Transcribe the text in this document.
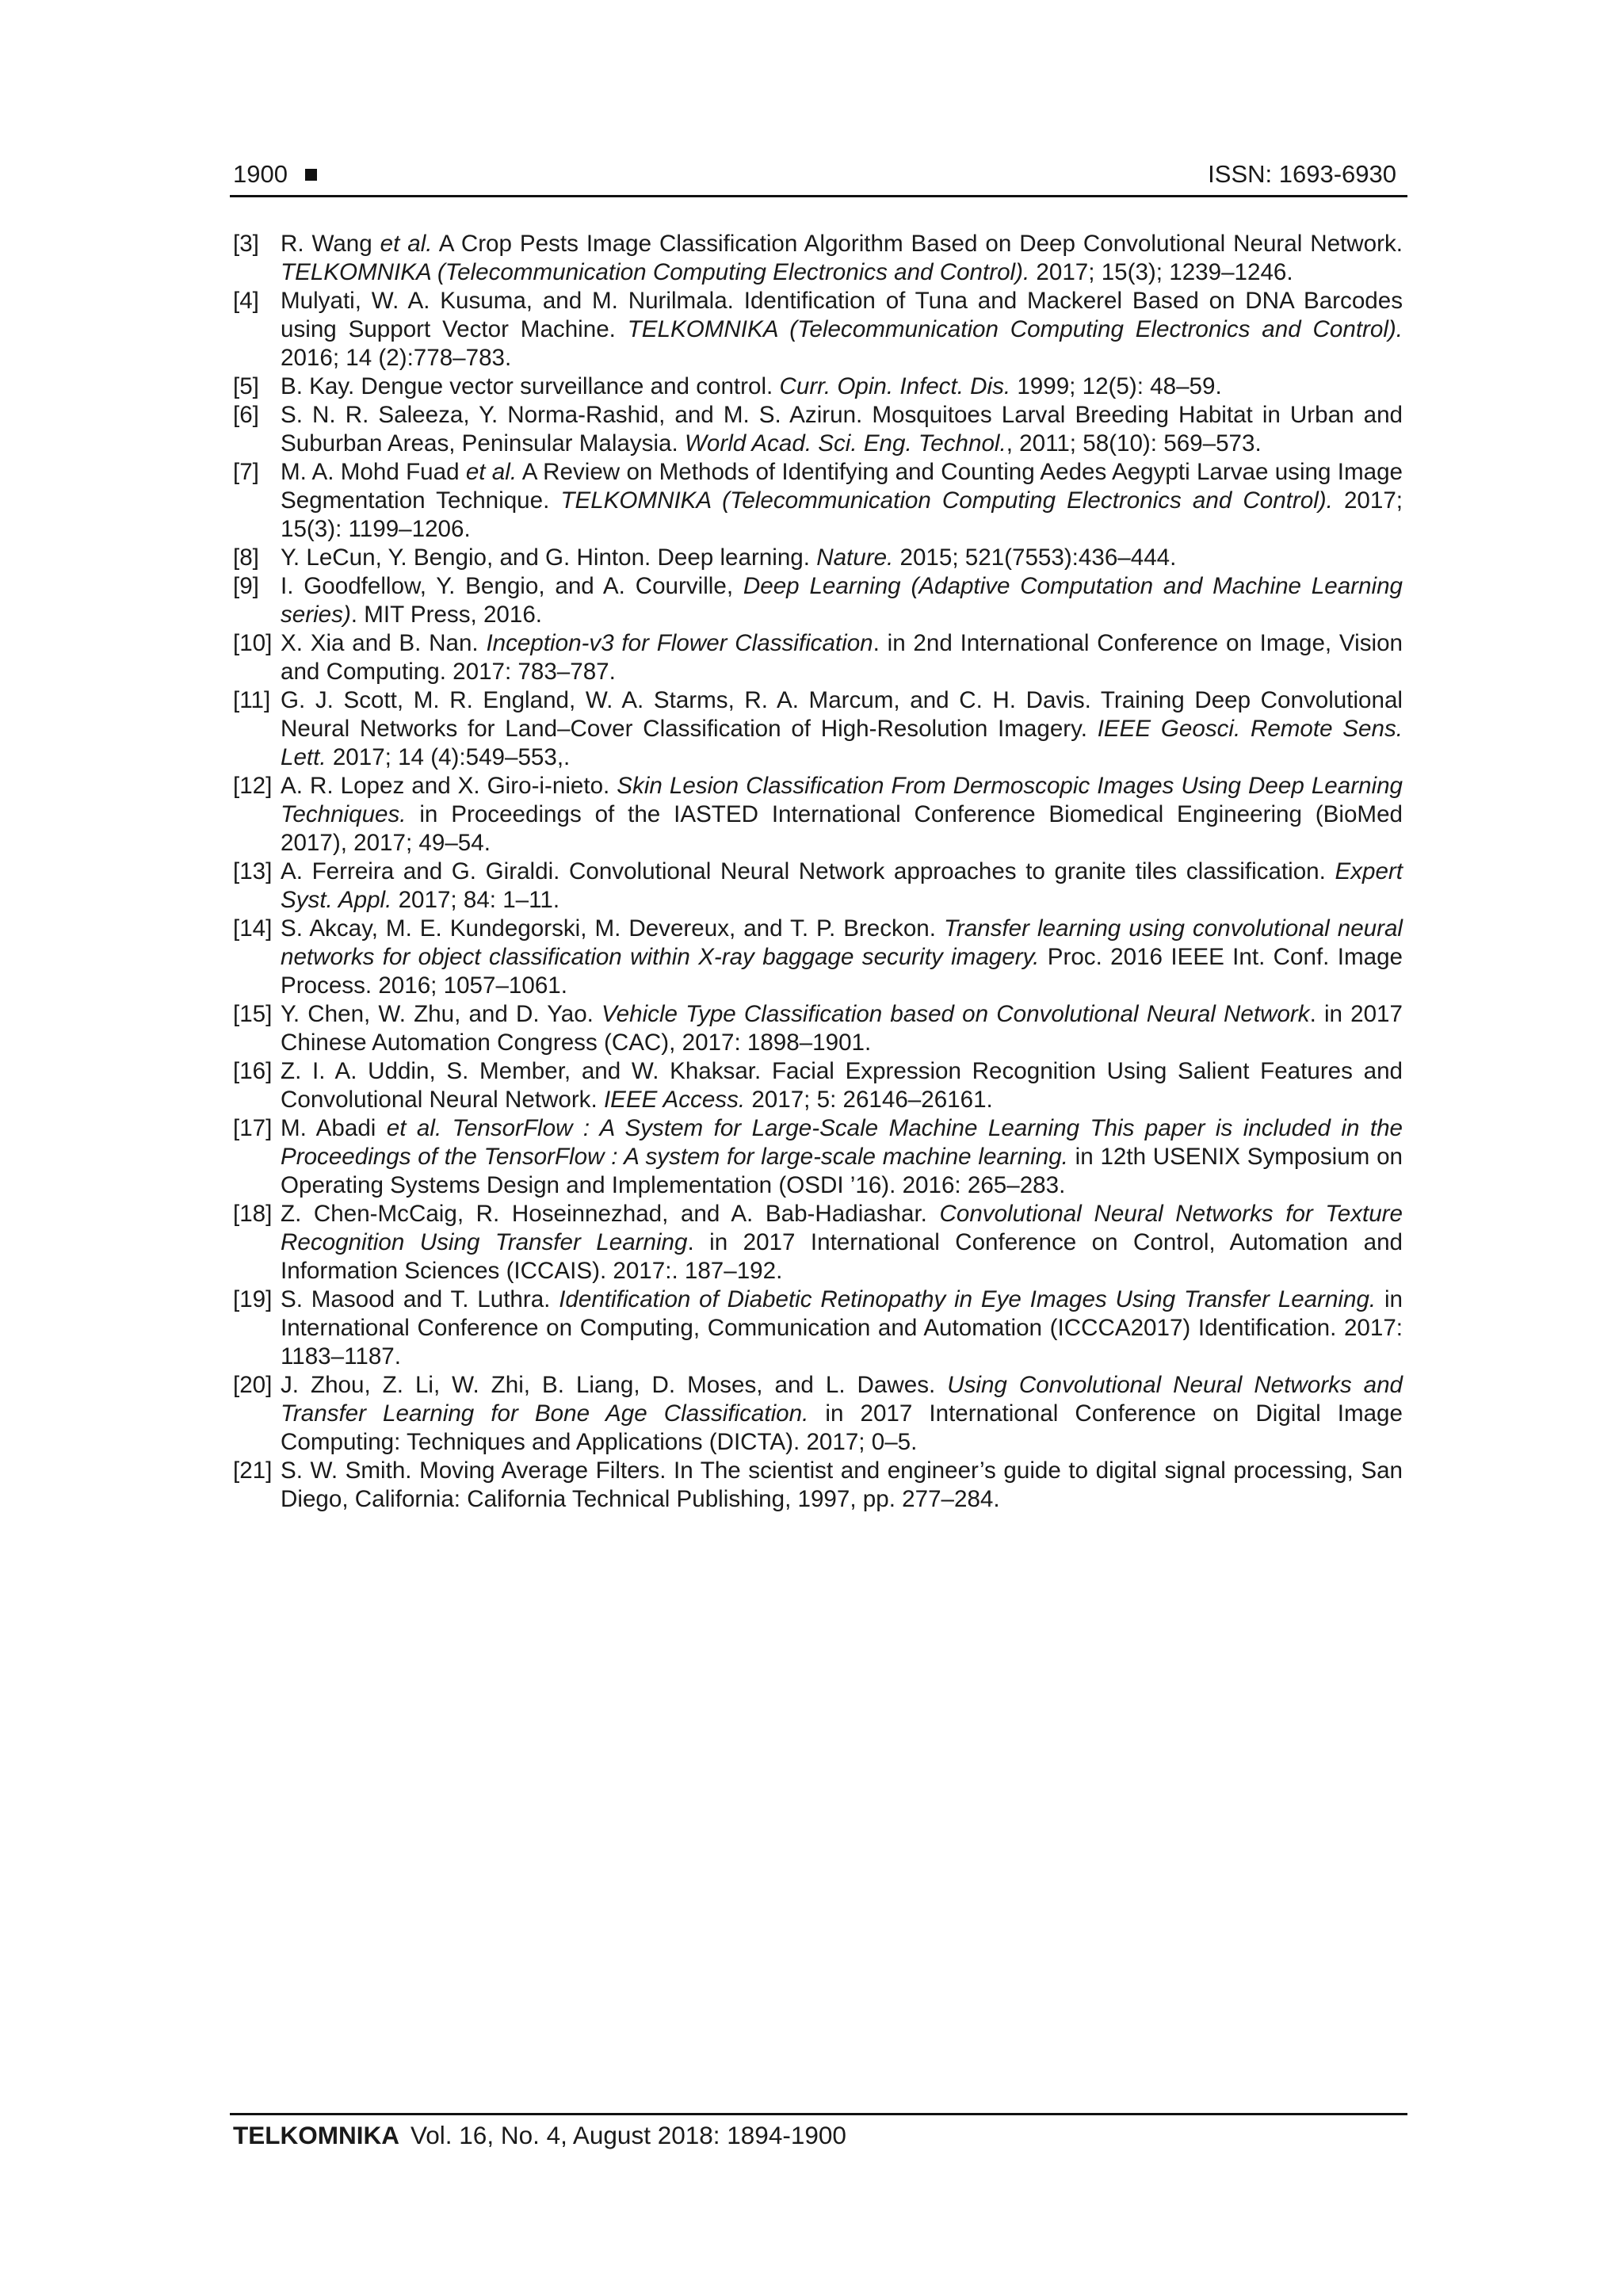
1900	ISSN: 1693-6930
[3] R. Wang et al. A Crop Pests Image Classification Algorithm Based on Deep Convolutional Neural Network. TELKOMNIKA (Telecommunication Computing Electronics and Control). 2017; 15(3); 1239–1246.
[4] Mulyati, W. A. Kusuma, and M. Nurilmala. Identification of Tuna and Mackerel Based on DNA Barcodes using Support Vector Machine. TELKOMNIKA (Telecommunication Computing Electronics and Control). 2016; 14 (2):778–783.
[5] B. Kay. Dengue vector surveillance and control. Curr. Opin. Infect. Dis. 1999; 12(5): 48–59.
[6] S. N. R. Saleeza, Y. Norma-Rashid, and M. S. Azirun. Mosquitoes Larval Breeding Habitat in Urban and Suburban Areas, Peninsular Malaysia. World Acad. Sci. Eng. Technol., 2011; 58(10): 569–573.
[7] M. A. Mohd Fuad et al. A Review on Methods of Identifying and Counting Aedes Aegypti Larvae using Image Segmentation Technique. TELKOMNIKA (Telecommunication Computing Electronics and Control). 2017; 15(3): 1199–1206.
[8] Y. LeCun, Y. Bengio, and G. Hinton. Deep learning. Nature. 2015; 521(7553):436–444.
[9] I. Goodfellow, Y. Bengio, and A. Courville, Deep Learning (Adaptive Computation and Machine Learning series). MIT Press, 2016.
[10] X. Xia and B. Nan. Inception-v3 for Flower Classification. in 2nd International Conference on Image, Vision and Computing. 2017: 783–787.
[11] G. J. Scott, M. R. England, W. A. Starms, R. A. Marcum, and C. H. Davis. Training Deep Convolutional Neural Networks for Land–Cover Classification of High-Resolution Imagery. IEEE Geosci. Remote Sens. Lett. 2017; 14 (4):549–553,.
[12] A. R. Lopez and X. Giro-i-nieto. Skin Lesion Classification From Dermoscopic Images Using Deep Learning Techniques. in Proceedings of the IASTED International Conference Biomedical Engineering (BioMed 2017), 2017; 49–54.
[13] A. Ferreira and G. Giraldi. Convolutional Neural Network approaches to granite tiles classification. Expert Syst. Appl. 2017; 84: 1–11.
[14] S. Akcay, M. E. Kundegorski, M. Devereux, and T. P. Breckon. Transfer learning using convolutional neural networks for object classification within X-ray baggage security imagery. Proc. 2016 IEEE Int. Conf. Image Process. 2016; 1057–1061.
[15] Y. Chen, W. Zhu, and D. Yao. Vehicle Type Classification based on Convolutional Neural Network. in 2017 Chinese Automation Congress (CAC), 2017: 1898–1901.
[16] Z. I. A. Uddin, S. Member, and W. Khaksar. Facial Expression Recognition Using Salient Features and Convolutional Neural Network. IEEE Access. 2017; 5: 26146–26161.
[17] M. Abadi et al. TensorFlow : A System for Large-Scale Machine Learning This paper is included in the Proceedings of the TensorFlow : A system for large-scale machine learning. in 12th USENIX Symposium on Operating Systems Design and Implementation (OSDI ’16). 2016: 265–283.
[18] Z. Chen-McCaig, R. Hoseinnezhad, and A. Bab-Hadiashar. Convolutional Neural Networks for Texture Recognition Using Transfer Learning. in 2017 International Conference on Control, Automation and Information Sciences (ICCAIS). 2017:. 187–192.
[19] S. Masood and T. Luthra. Identification of Diabetic Retinopathy in Eye Images Using Transfer Learning. in International Conference on Computing, Communication and Automation (ICCCA2017) Identification. 2017: 1183–1187.
[20] J. Zhou, Z. Li, W. Zhi, B. Liang, D. Moses, and L. Dawes. Using Convolutional Neural Networks and Transfer Learning for Bone Age Classification. in 2017 International Conference on Digital Image Computing: Techniques and Applications (DICTA). 2017; 0–5.
[21] S. W. Smith. Moving Average Filters. In The scientist and engineer’s guide to digital signal processing, San Diego, California: California Technical Publishing, 1997, pp. 277–284.
TELKOMNIKA Vol. 16, No. 4, August 2018: 1894-1900
